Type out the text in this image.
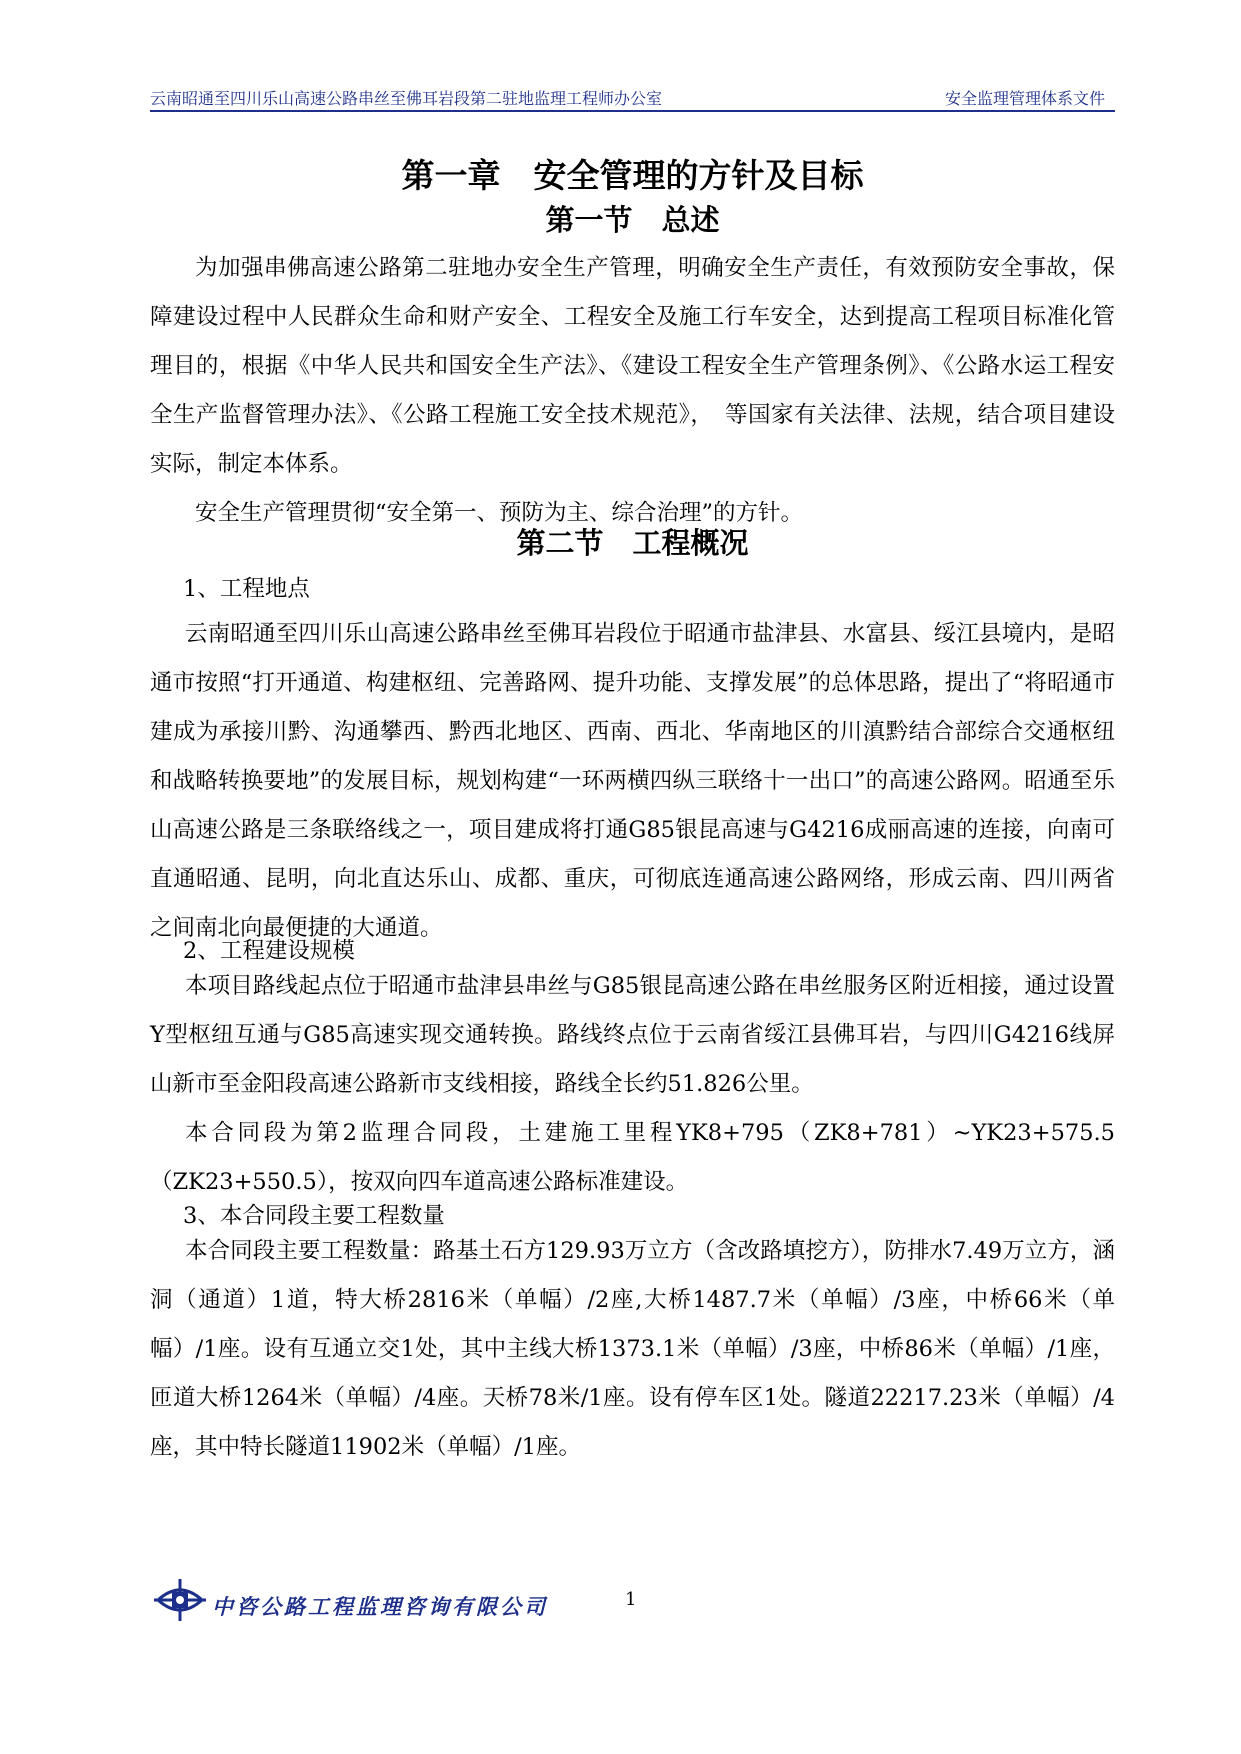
云南昭通至四川乐山高速公路串丝至佛耳岩段第二驻地监理工程师办公室	安全监理管理体系文件
第一章　安全管理的方针及目标
第一节　总述

为加强串佛高速公路第二驻地办安全生产管理，明确安全生产责任，有效预防安全事故，保障建设过程中人民群众生命和财产安全、工程安全及施工行车安全，达到提高工程项目标准化管理目的，根据《中华人民共和国安全生产法》、《建设工程安全生产管理条例》、《公路水运工程安全生产监督管理办法》、《公路工程施工安全技术规范》，　等国家有关法律、法规，结合项目建设实际，制定本体系。

安全生产管理贯彻“安全第一、预防为主、综合治理”的方针。

第二节　工程概况
1、工程地点

云南昭通至四川乐山高速公路串丝至佛耳岩段位于昭通市盐津县、水富县、绥江县境内，是昭通市按照“打开通道、构建枢纽、完善路网、提升功能、支撑发展”的总体思路，提出了“将昭通市建成为承接川黔、沟通攀西、黔西北地区、西南、西北、华南地区的川滇黔结合部综合交通枢纽和战略转换要地”的发展目标，规划构建“一环两横四纵三联络十一出口”的高速公路网。昭通至乐山高速公路是三条联络线之一，项目建成将打通G85银昆高速与G4216成丽高速的连接，向南可直通昭通、昆明，向北直达乐山、成都、重庆，可彻底连通高速公路网络，形成云南、四川两省之间南北向最便捷的大通道。

2、工程建设规模

本项目路线起点位于昭通市盐津县串丝与G85银昆高速公路在串丝服务区附近相接，通过设置Y型枢纽互通与G85高速实现交通转换。路线终点位于云南省绥江县佛耳岩，与四川G4216线屏山新市至金阳段高速公路新市支线相接，路线全长约51.826公里。

本合同段为第2监理合同段，土建施工里程YK8+795（ZK8+781）~YK23+575.5（ZK23+550.5），按双向四车道高速公路标准建设。

3、本合同段主要工程数量

本合同段主要工程数量：路基土石方129.93万立方（含改路填挖方），防排水7.49万立方，涵洞（通道）1道，特大桥2816米（单幅）/2座,大桥1487.7米（单幅）/3座，中桥66米（单幅）/1座。设有互通立交1处，其中主线大桥1373.1米（单幅）/3座，中桥86米（单幅）/1座，匝道大桥1264米（单幅）/4座。天桥78米/1座。设有停车区1处。隧道22217.23米（单幅）/4座，其中特长隧道11902米（单幅）/1座。

中咨公路工程监理咨询有限公司	1
